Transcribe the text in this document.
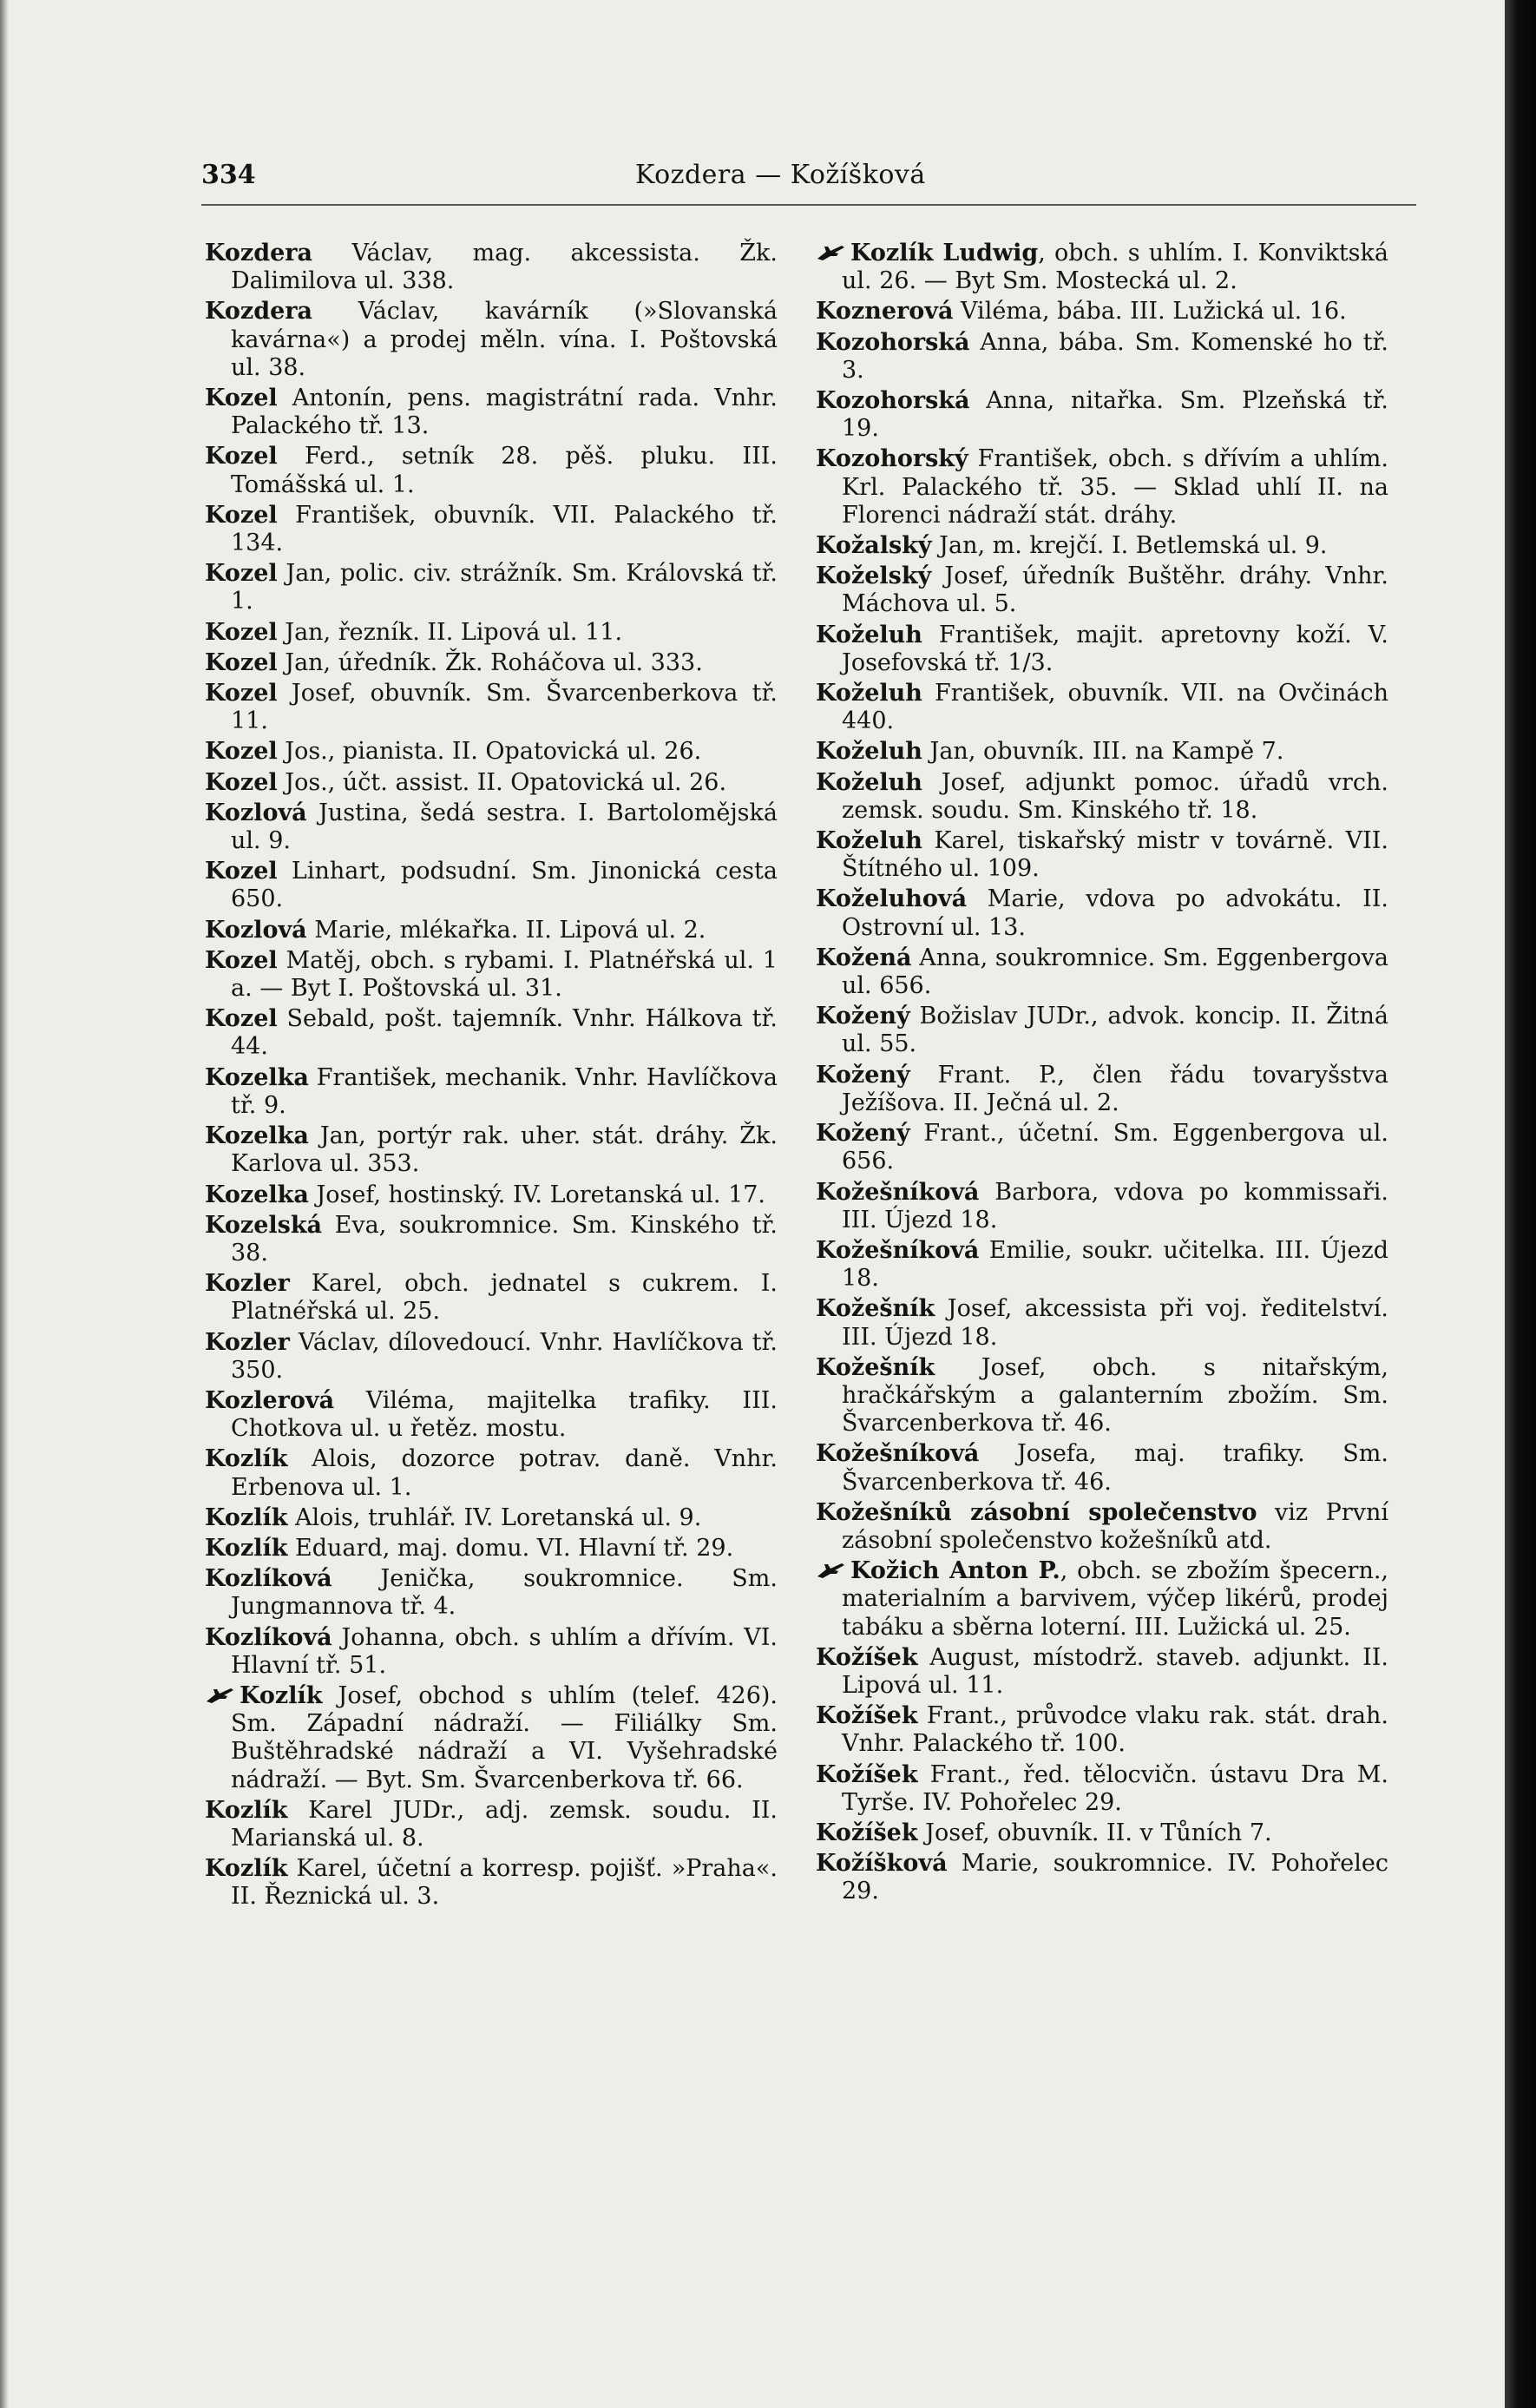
334	Kozdera — Kožíšková

Kozdera Václav, mag. akcessista. Žk. Dalimilova ul. 338.

Kozdera Václav, kavárník (»Slovanská kavárna«) a prodej měln. vína. I. Poštovská ul. 38.

Kozel Antonín, pens. magistrátní rada. Vnhr. Palackého tř. 13.

Kozel Ferd., setník 28. pěš. pluku. III. Tomášská ul. 1.

Kozel František, obuvník. VII. Palackého tř. 134.

Kozel Jan, polic. civ. strážník. Sm. Královská tř. 1.

Kozel Jan, řezník. II. Lipová ul. 11.

Kozel Jan, úředník. Žk. Roháčova ul. 333.

Kozel Josef, obuvník. Sm. Švarcenberkova tř. 11.

Kozel Jos., pianista. II. Opatovická ul. 26.

Kozel Jos., účt. assist. II. Opatovická ul. 26.

Kozlová Justina, šedá sestra. I. Bartolomějská ul. 9.

Kozel Linhart, podsudní. Sm. Jinonická cesta 650.

Kozlová Marie, mlékařka. II. Lipová ul. 2.

Kozel Matěj, obch. s rybami. I. Platnéřská ul. 1 a. — Byt I. Poštovská ul. 31.

Kozel Sebald, pošt. tajemník. Vnhr. Hálkova tř. 44.

Kozelka František, mechanik. Vnhr. Havlíčkova tř. 9.

Kozelka Jan, portýr rak. uher. stát. dráhy. Žk. Karlova ul. 353.

Kozelka Josef, hostinský. IV. Loretanská ul. 17.

Kozelská Eva, soukromnice. Sm. Kinského tř. 38.

Kozler Karel, obch. jednatel s cukrem. I. Platnéřská ul. 25.

Kozler Václav, dílovedoucí. Vnhr. Havlíčkova tř. 350.

Kozlerová Viléma, majitelka trafiky. III. Chotkova ul. u řetěz. mostu.

Kozlík Alois, dozorce potrav. daně. Vnhr. Erbenova ul. 1.

Kozlík Alois, truhlář. IV. Loretanská ul. 9.

Kozlík Eduard, maj. domu. VI. Hlavní tř. 29.

Kozlíková Jenička, soukromnice. Sm. Jungmannova tř. 4.

Kozlíková Johanna, obch. s uhlím a dřívím. VI. Hlavní tř. 51.

Kozlík Josef, obchod s uhlím (telef. 426). Sm. Západní nádraží. — Filiálky Sm. Buštěhradské nádraží a VI. Vyšehradské nádraží. — Byt. Sm. Švarcenberkova tř. 66.

Kozlík Karel JUDr., adj. zemsk. soudu. II. Marianská ul. 8.

Kozlík Karel, účetní a korresp. pojišť. »Praha«. II. Řeznická ul. 3.

Kozlík Ludwig, obch. s uhlím. I. Konviktská ul. 26. — Byt Sm. Mostecká ul. 2.

Koznerová Viléma, bába. III. Lužická ul. 16.

Kozohorská Anna, bába. Sm. Komenské ho tř. 3.

Kozohorská Anna, nitařka. Sm. Plzeňská tř. 19.

Kozohorský František, obch. s dřívím a uhlím. Krl. Palackého tř. 35. — Sklad uhlí II. na Florenci nádraží stát. dráhy.

Kožalský Jan, m. krejčí. I. Betlemská ul. 9.

Koželský Josef, úředník Buštěhr. dráhy. Vnhr. Máchova ul. 5.

Koželuh František, majit. apretovny koží. V. Josefovská tř. 1/3.

Koželuh František, obuvník. VII. na Ovčinách 440.

Koželuh Jan, obuvník. III. na Kampě 7.

Koželuh Josef, adjunkt pomoc. úřadů vrch. zemsk. soudu. Sm. Kinského tř. 18.

Koželuh Karel, tiskařský mistr v továrně. VII. Štítného ul. 109.

Koželuhová Marie, vdova po advokátu. II. Ostrovní ul. 13.

Kožená Anna, soukromnice. Sm. Eggenbergova ul. 656.

Kožený Božislav JUDr., advok. koncip. II. Žitná ul. 55.

Kožený Frant. P., člen řádu tovaryšstva Ježíšova. II. Ječná ul. 2.

Kožený Frant., účetní. Sm. Eggenbergova ul. 656.

Kožešníková Barbora, vdova po kommissaři. III. Újezd 18.

Kožešníková Emilie, soukr. učitelka. III. Újezd 18.

Kožešník Josef, akcessista při voj. ředitelství. III. Újezd 18.

Kožešník Josef, obch. s nitařským, hračkářským a galanterním zbožím. Sm. Švarcenberkova tř. 46.

Kožešníková Josefa, maj. trafiky. Sm. Švarcenberkova tř. 46.

Kožešníků zásobní společenstvo viz První zásobní společenstvo kožešníků atd.

Kožich Anton P., obch. se zbožím špecern., materialním a barvivem, výčep likérů, prodej tabáku a sběrna loterní. III. Lužická ul. 25.

Kožíšek August, místodrž. staveb. adjunkt. II. Lipová ul. 11.

Kožíšek Frant., průvodce vlaku rak. stát. drah. Vnhr. Palackého tř. 100.

Kožíšek Frant., řed. tělocvičn. ústavu Dra M. Tyrše. IV. Pohořelec 29.

Kožíšek Josef, obuvník. II. v Tůních 7.

Kožíšková Marie, soukromnice. IV. Pohořelec 29.
